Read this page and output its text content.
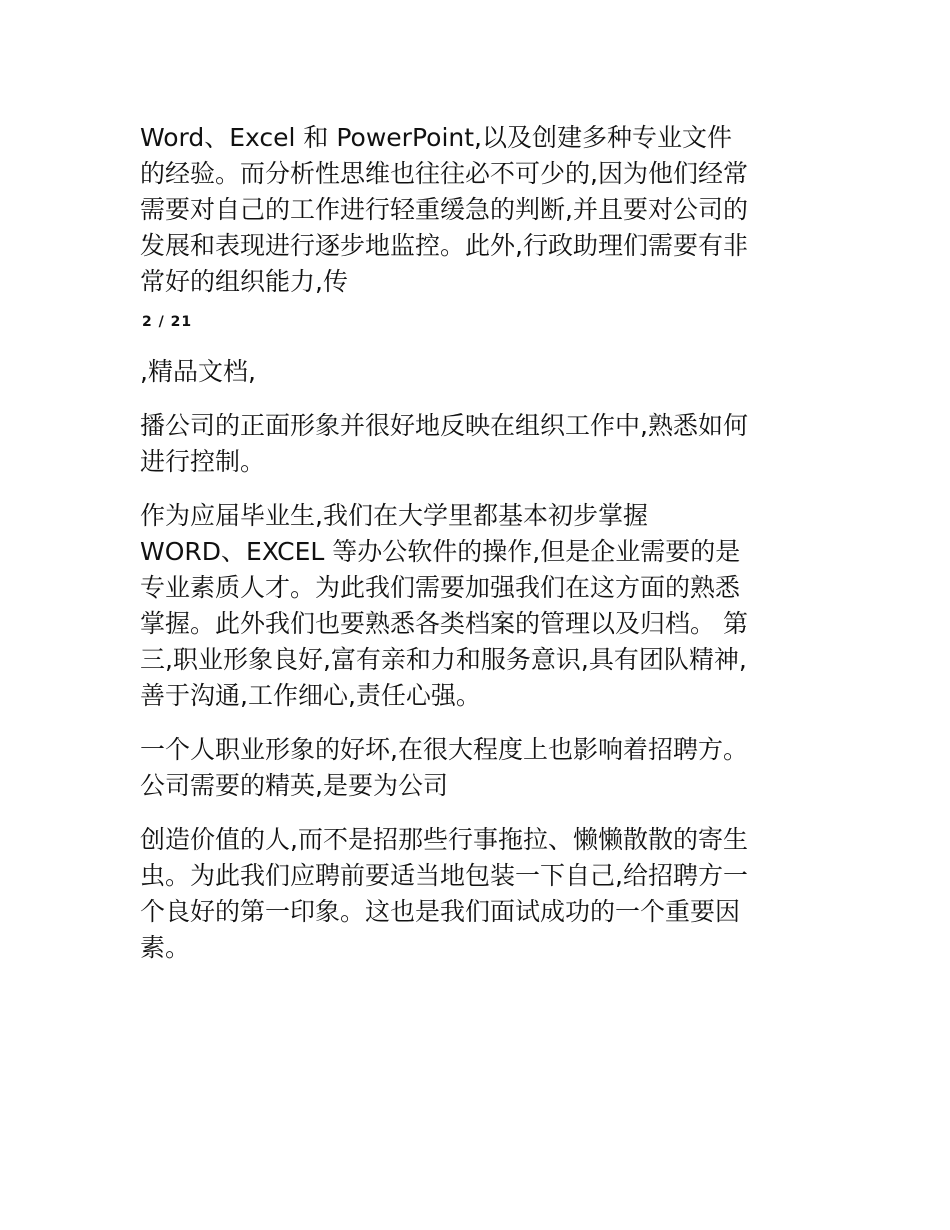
Word、Excel 和 PowerPoint,以及创建多种专业文件
的经验。而分析性思维也往往必不可少的,因为他们经常
需要对自己的工作进行轻重缓急的判断,并且要对公司的
发展和表现进行逐步地监控。此外,行政助理们需要有非
常好的组织能力,传

2 / 21

,精品文档,

播公司的正面形象并很好地反映在组织工作中,熟悉如何
进行控制。

作为应届毕业生,我们在大学里都基本初步掌握
WORD、EXCEL 等办公软件的操作,但是企业需要的是
专业素质人才。为此我们需要加强我们在这方面的熟悉
掌握。此外我们也要熟悉各类档案的管理以及归档。 第
三,职业形象良好,富有亲和力和服务意识,具有团队精神,
善于沟通,工作细心,责任心强。

一个人职业形象的好坏,在很大程度上也影响着招聘方。
公司需要的精英,是要为公司

创造价值的人,而不是招那些行事拖拉、懒懒散散的寄生
虫。为此我们应聘前要适当地包装一下自己,给招聘方一
个良好的第一印象。这也是我们面试成功的一个重要因
素。
